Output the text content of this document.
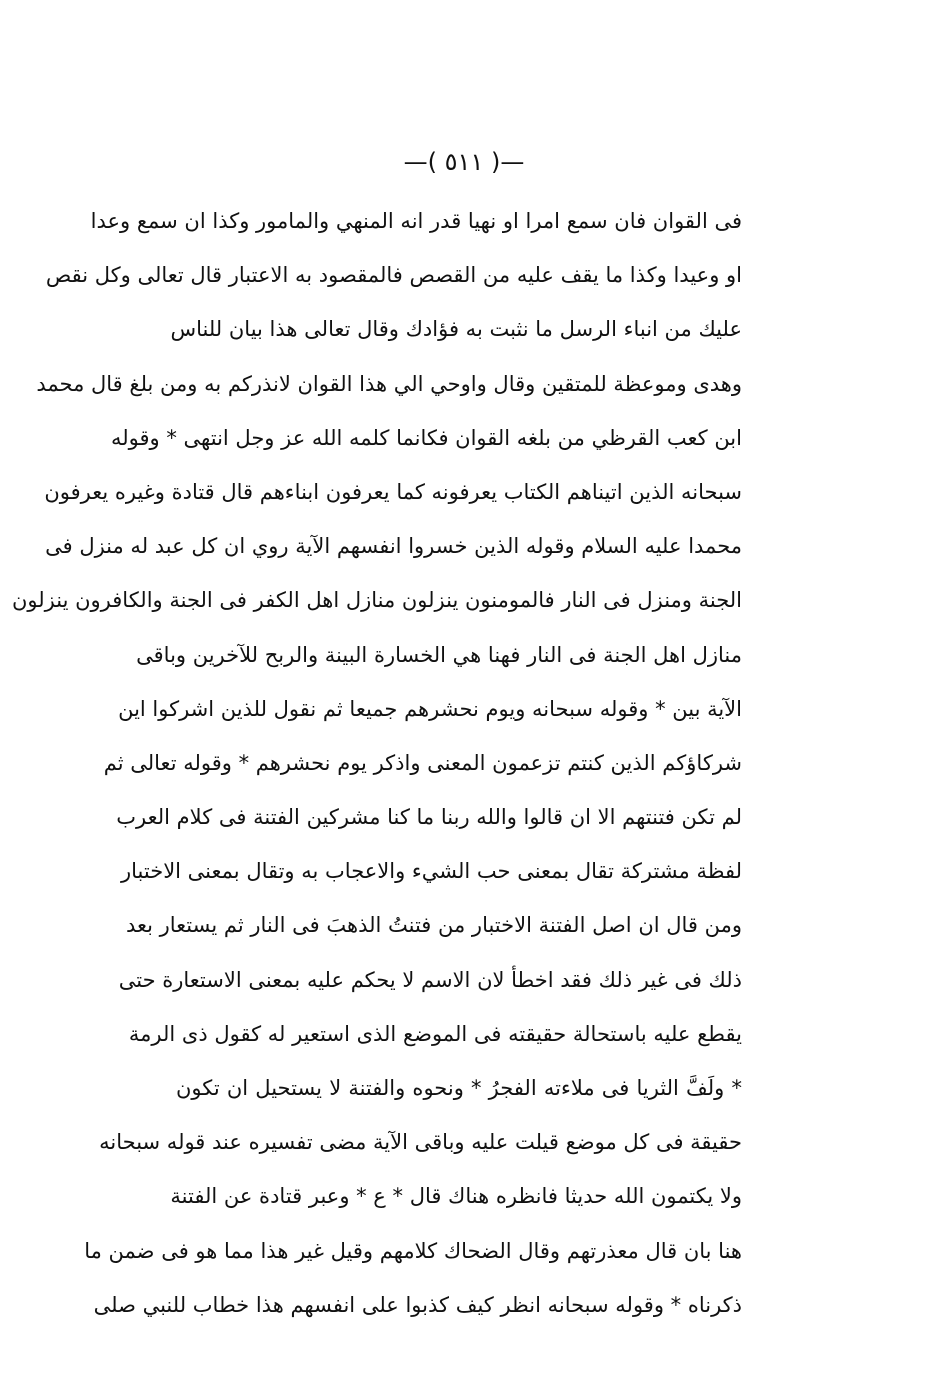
—( ٥١١ )—
فی القوان فان سمع امرا او نهیا قدر انه المنهي والمامور وكذا ان سمع وعدا
او وعیدا وكذا ما یقف علیه من القصص فالمقصود به الاعتبار قال تعالی وكل نقص
علیك من انباء الرسل ما نثبت به فؤادك وقال تعالی هذا بیان للناس
وهدی وموعظة للمتقین وقال واوحي الي هذا القوان لانذركم به ومن بلغ قال محمد
ابن كعب القرظي من بلغه القوان فكانما كلمه الله عز وجل انتهی * وقوله
سبحانه الذین اتیناهم الكتاب یعرفونه كما یعرفون ابناءهم قال قتادة وغیره یعرفون
محمدا علیه السلام وقوله الذین خسروا انفسهم الآیة روي ان كل عبد له منزل فی
الجنة ومنزل فی النار فالمومنون ینزلون منازل اهل الكفر فی الجنة والكافرون ینزلون
منازل اهل الجنة فی النار فهنا هي الخسارة البینة والربح للآخرین وباقی
الآیة بین * وقوله سبحانه ویوم نحشرهم جمیعا ثم نقول للذین اشركوا این
شركاؤكم الذین كنتم تزعمون المعنی واذكر یوم نحشرهم * وقوله تعالی ثم
لم تكن فتنتهم الا ان قالوا والله ربنا ما كنا مشركین الفتنة فی كلام العرب
لفظة مشتركة تقال بمعنی حب الشيء والاعجاب به وتقال بمعنی الاختبار
ومن قال ان اصل الفتنة الاختبار من فتنتُ الذهبَ فی النار ثم یستعار بعد
ذلك فی غیر ذلك فقد اخطأ لان الاسم لا یحكم علیه بمعنی الاستعارة حتی
یقطع علیه باستحالة حقیقته فی الموضع الذی استعیر له كقول ذی الرمة
* ولَفَّ الثریا فی ملاءته الفجرُ * ونحوه والفتنة لا یستحیل ان تكون
حقیقة فی كل موضع قیلت علیه وباقی الآیة مضی تفسیره عند قوله سبحانه
ولا یكتمون الله حدیثا فانظره هناك قال * ع * وعبر قتادة عن الفتنة
هنا بان قال معذرتهم وقال الضحاك كلامهم وقیل غیر هذا مما هو فی ضمن ما
ذكرناه * وقوله سبحانه انظر كیف كذبوا علی انفسهم هذا خطاب للنبي صلی
